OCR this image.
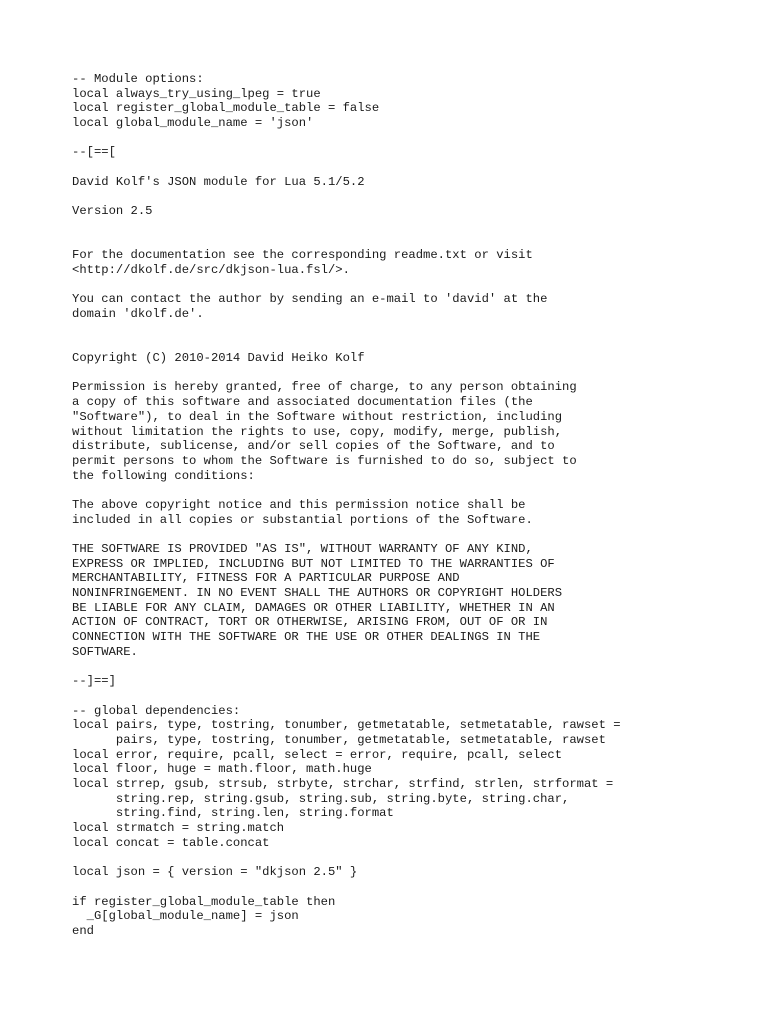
-- Module options:
local always_try_using_lpeg = true
local register_global_module_table = false
local global_module_name = 'json'
--[==[
David Kolf's JSON module for Lua 5.1/5.2
Version 2.5
For the documentation see the corresponding readme.txt or visit
<http://dkolf.de/src/dkjson-lua.fsl/>.
You can contact the author by sending an e-mail to 'david' at the
domain 'dkolf.de'.
Copyright (C) 2010-2014 David Heiko Kolf
Permission is hereby granted, free of charge, to any person obtaining
a copy of this software and associated documentation files (the
"Software"), to deal in the Software without restriction, including
without limitation the rights to use, copy, modify, merge, publish,
distribute, sublicense, and/or sell copies of the Software, and to
permit persons to whom the Software is furnished to do so, subject to
the following conditions:
The above copyright notice and this permission notice shall be
included in all copies or substantial portions of the Software.
THE SOFTWARE IS PROVIDED "AS IS", WITHOUT WARRANTY OF ANY KIND,
EXPRESS OR IMPLIED, INCLUDING BUT NOT LIMITED TO THE WARRANTIES OF
MERCHANTABILITY, FITNESS FOR A PARTICULAR PURPOSE AND
NONINFRINGEMENT. IN NO EVENT SHALL THE AUTHORS OR COPYRIGHT HOLDERS
BE LIABLE FOR ANY CLAIM, DAMAGES OR OTHER LIABILITY, WHETHER IN AN
ACTION OF CONTRACT, TORT OR OTHERWISE, ARISING FROM, OUT OF OR IN
CONNECTION WITH THE SOFTWARE OR THE USE OR OTHER DEALINGS IN THE
SOFTWARE.
--]==]
-- global dependencies:
local pairs, type, tostring, tonumber, getmetatable, setmetatable, rawset =
pairs, type, tostring, tonumber, getmetatable, setmetatable, rawset
local error, require, pcall, select = error, require, pcall, select
local floor, huge = math.floor, math.huge
local strrep, gsub, strsub, strbyte, strchar, strfind, strlen, strformat =
string.rep, string.gsub, string.sub, string.byte, string.char,
string.find, string.len, string.format
local strmatch = string.match
local concat = table.concat
local json = { version = "dkjson 2.5" }
if register_global_module_table then
_G[global_module_name] = json
end
